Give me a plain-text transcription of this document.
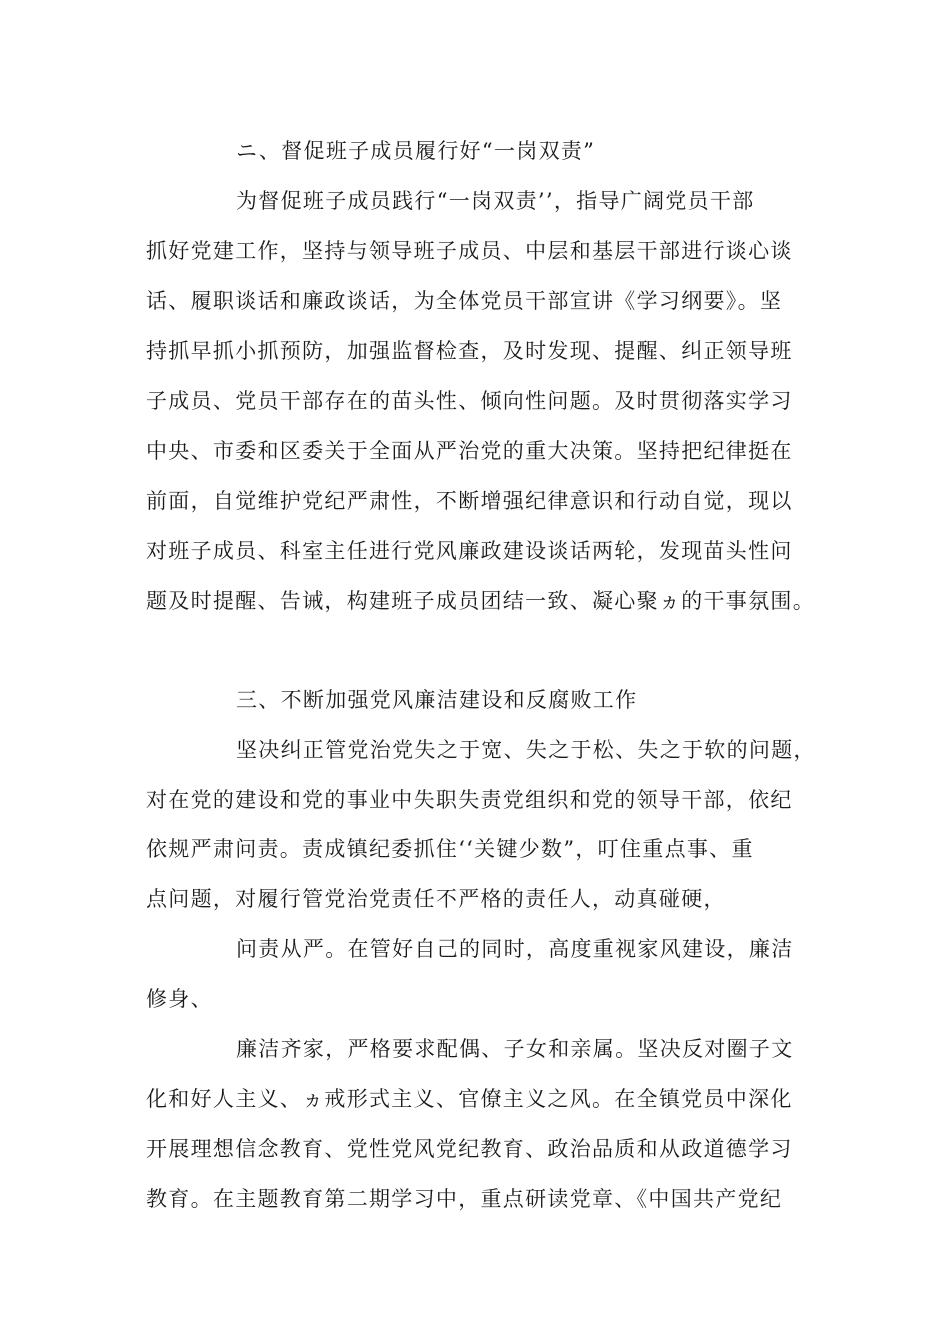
ニ、督促班子成员履行好“一岗双责”
为督促班子成员践行“一岗双责’’，指导广阔党员干部
抓好党建工作，坚持与领导班子成员、中层和基层干部进行谈心谈
话、履职谈话和廉政谈话，为全体党员干部宣讲《学习纲要》。坚
持抓早抓小抓预防，加强监督检查，及时发现、提醒、纠正领导班
子成员、党员干部存在的苗头性、倾向性问题。及时贯彻落实学习
中央、市委和区委关于全面从严治党的重大决策。坚持把纪律挺在
前面，自觉维护党纪严肃性，不断增强纪律意识和行动自觉，现以
对班子成员、科室主任进行党风廉政建设谈话两轮，发现苗头性问
题及时提醒、告诫，构建班子成员团结一致、凝心聚ヵ的干事氛围。
三、不断加强党风廉洁建设和反腐败工作
坚决纠正管党治党失之于宽、失之于松、失之于软的问题，
对在党的建设和党的事业中失职失责党组织和党的领导干部，依纪
依规严肃问责。责成镇纪委抓住‘‘关键少数”，叮住重点事、重
点问题，对履行管党治党责任不严格的责任人，动真碰硬，
问责从严。在管好自己的同时，高度重视家风建设，廉洁
修身、
廉洁齐家，严格要求配偶、子女和亲属。坚决反对圈子文
化和好人主义、ヵ戒形式主义、官僚主义之风。在全镇党员中深化
开展理想信念教育、党性党风党纪教育、政治品质和从政道德学习
教育。在主题教育第二期学习中，重点研读党章、《中国共产党纪
